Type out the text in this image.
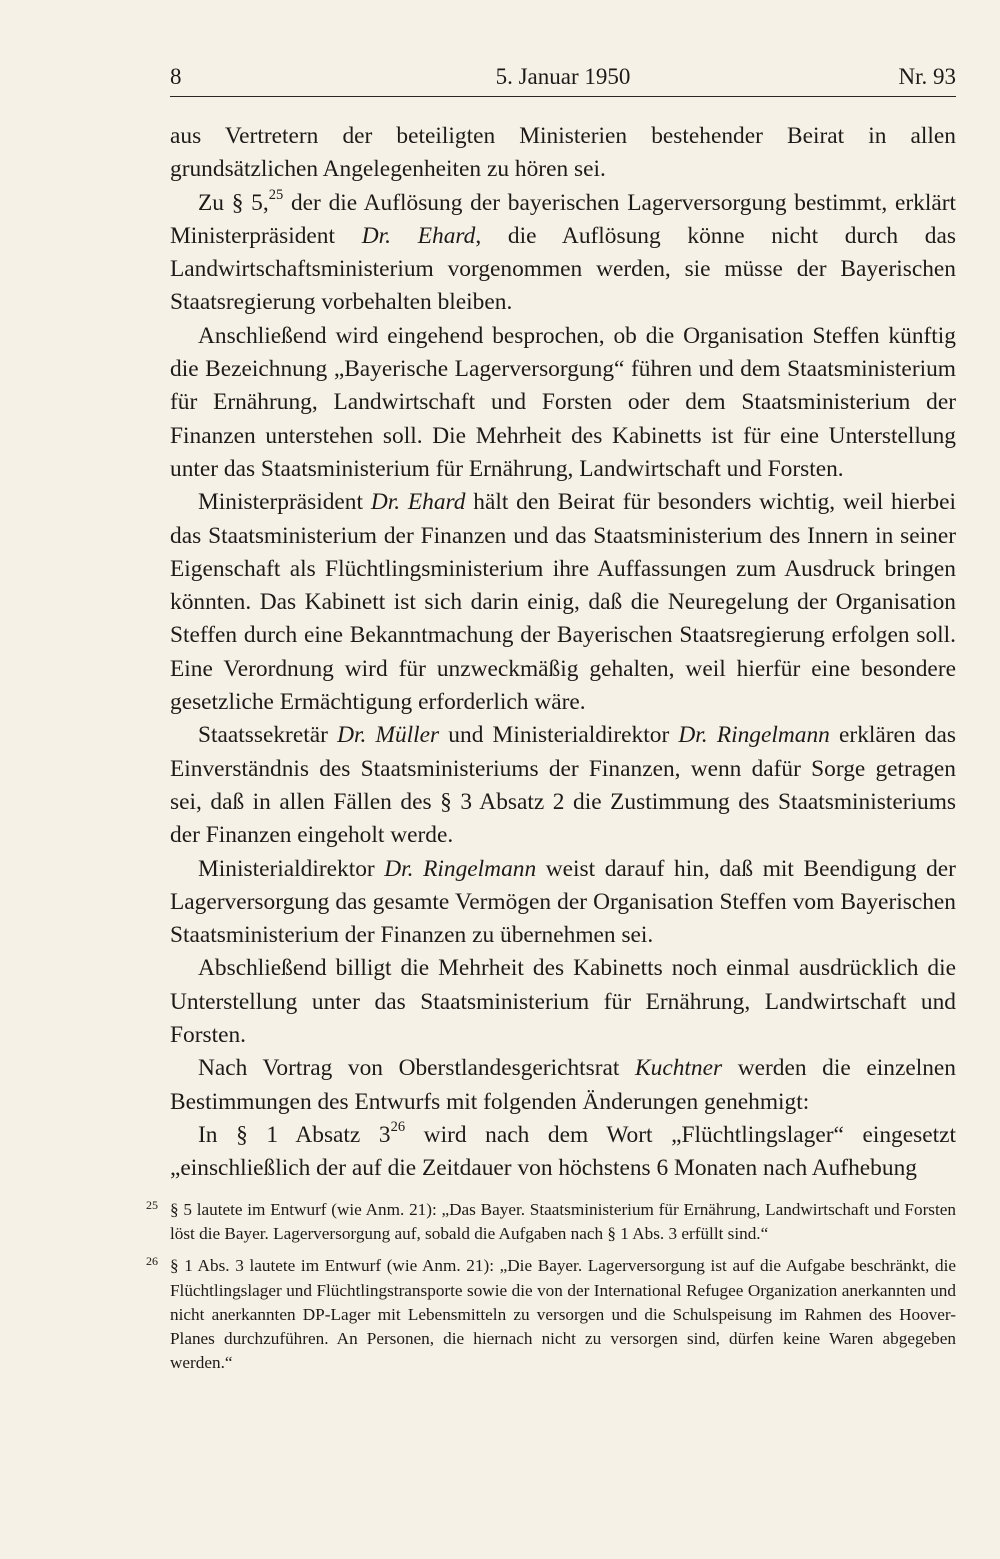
8	5. Januar 1950	Nr. 93

aus Vertretern der beteiligten Ministerien bestehender Beirat in allen grundsätzlichen Angelegenheiten zu hören sei.

Zu § 5,25 der die Auflösung der bayerischen Lagerversorgung bestimmt, erklärt Ministerpräsident Dr. Ehard, die Auflösung könne nicht durch das Landwirtschaftsministerium vorgenommen werden, sie müsse der Bayerischen Staatsregierung vorbehalten bleiben.

Anschließend wird eingehend besprochen, ob die Organisation Steffen künftig die Bezeichnung „Bayerische Lagerversorgung“ führen und dem Staatsministerium für Ernährung, Landwirtschaft und Forsten oder dem Staatsministerium der Finanzen unterstehen soll. Die Mehrheit des Kabinetts ist für eine Unterstellung unter das Staatsministerium für Ernährung, Landwirtschaft und Forsten.

Ministerpräsident Dr. Ehard hält den Beirat für besonders wichtig, weil hierbei das Staatsministerium der Finanzen und das Staatsministerium des Innern in seiner Eigenschaft als Flüchtlingsministerium ihre Auffassungen zum Ausdruck bringen könnten. Das Kabinett ist sich darin einig, daß die Neuregelung der Organisation Steffen durch eine Bekanntmachung der Bayerischen Staatsregierung erfolgen soll. Eine Verordnung wird für unzweckmäßig gehalten, weil hierfür eine besondere gesetzliche Ermächtigung erforderlich wäre.

Staatssekretär Dr. Müller und Ministerialdirektor Dr. Ringelmann erklären das Einverständnis des Staatsministeriums der Finanzen, wenn dafür Sorge getragen sei, daß in allen Fällen des § 3 Absatz 2 die Zustimmung des Staatsministeriums der Finanzen eingeholt werde.

Ministerialdirektor Dr. Ringelmann weist darauf hin, daß mit Beendigung der Lagerversorgung das gesamte Vermögen der Organisation Steffen vom Bayerischen Staatsministerium der Finanzen zu übernehmen sei.

Abschließend billigt die Mehrheit des Kabinetts noch einmal ausdrücklich die Unterstellung unter das Staatsministerium für Ernährung, Landwirtschaft und Forsten.

Nach Vortrag von Oberstlandesgerichtsrat Kuchtner werden die einzelnen Bestimmungen des Entwurfs mit folgenden Änderungen genehmigt:

In § 1 Absatz $3^{26}$ wird nach dem Wort „Flüchtlingslager“ eingesetzt „einschließlich der auf die Zeitdauer von höchstens 6 Monaten nach Aufhebung

25 § 5 lautete im Entwurf (wie Anm. 21): „Das Bayer. Staatsministerium für Ernährung, Landwirtschaft und Forsten löst die Bayer. Lagerversorgung auf, sobald die Aufgaben nach § 1 Abs. 3 erfüllt sind.“
26 § 1 Abs. 3 lautete im Entwurf (wie Anm. 21): „Die Bayer. Lagerversorgung ist auf die Aufgabe beschränkt, die Flüchtlingslager und Flüchtlingstransporte sowie die von der International Refugee Organization anerkannten und nicht anerkannten DP-Lager mit Lebensmitteln zu versorgen und die Schulspeisung im Rahmen des Hoover-Planes durchzuführen. An Personen, die hiernach nicht zu versorgen sind, dürfen keine Waren abgegeben werden.“
